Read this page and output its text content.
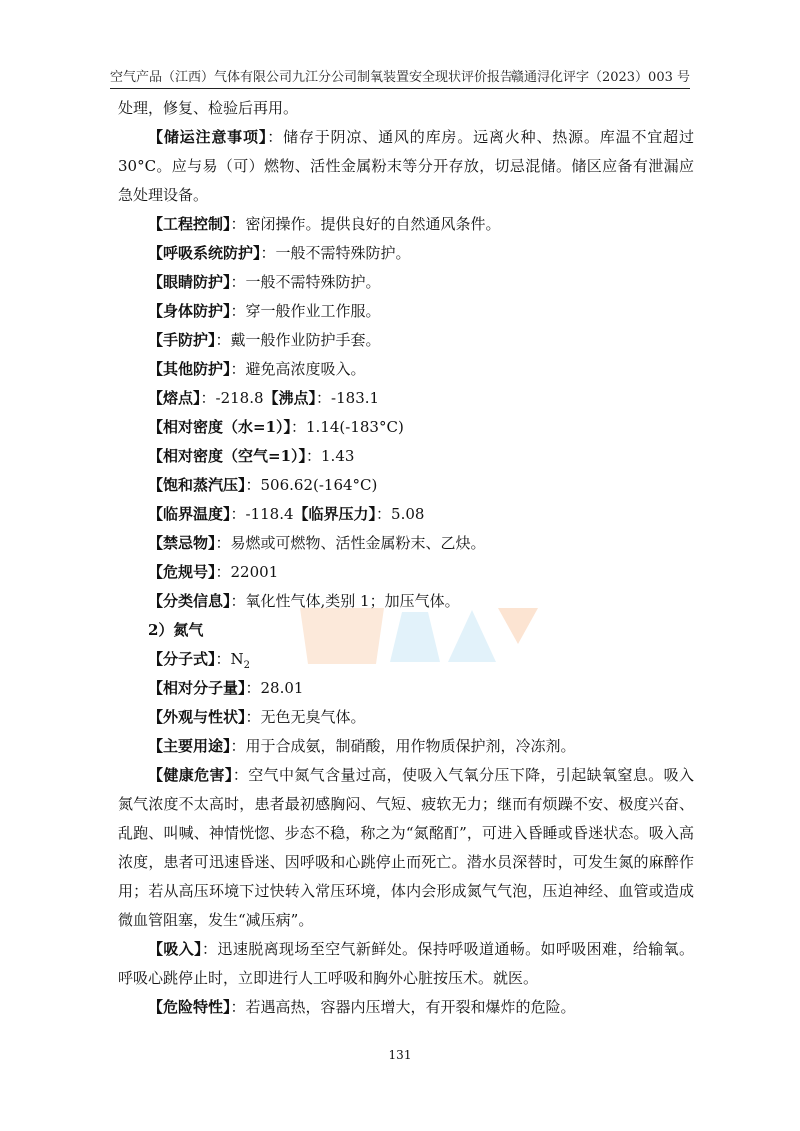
空气产品（江西）气体有限公司九江分公司制氧装置安全现状评价报告
赣通浔化评字（2023）003 号

处理，修复、检验后再用。

【储运注意事项】：储存于阴凉、通风的库房。远离火种、热源。库温不宜超过30°C。应与易（可）燃物、活性金属粉末等分开存放，切忌混储。储区应备有泄漏应急处理设备。

【工程控制】：密闭操作。提供良好的自然通风条件。

【呼吸系统防护】：一般不需特殊防护。

【眼睛防护】：一般不需特殊防护。

【身体防护】：穿一般作业工作服。

【手防护】：戴一般作业防护手套。

【其他防护】：避免高浓度吸入。

【熔点】：-218.8【沸点】：-183.1

【相对密度（水=1）】：1.14(-183°C)

【相对密度（空气=1）】：1.43

【饱和蒸汽压】：506.62(-164°C)

【临界温度】：-118.4【临界压力】：5.08

【禁忌物】：易燃或可燃物、活性金属粉末、乙炔。

【危规号】：22001

【分类信息】：氧化性气体,类别 1；加压气体。

2）氮气

【分子式】：$N_2$

【相对分子量】：28.01

【外观与性状】：无色无臭气体。

【主要用途】：用于合成氨，制硝酸，用作物质保护剂，冷冻剂。

【健康危害】：空气中氮气含量过高，使吸入气氧分压下降，引起缺氧窒息。吸入氮气浓度不太高时，患者最初感胸闷、气短、疲软无力；继而有烦躁不安、极度兴奋、乱跑、叫喊、神情恍惚、步态不稳，称之为“氮酩酊”，可进入昏睡或昏迷状态。吸入高浓度，患者可迅速昏迷、因呼吸和心跳停止而死亡。潜水员深替时，可发生氮的麻醉作用；若从高压环境下过快转入常压环境，体内会形成氮气气泡，压迫神经、血管或造成微血管阻塞，发生“减压病”。

【吸入】：迅速脱离现场至空气新鲜处。保持呼吸道通畅。如呼吸困难，给输氧。呼吸心跳停止时，立即进行人工呼吸和胸外心脏按压术。就医。

【危险特性】：若遇高热，容器内压增大，有开裂和爆炸的危险。

131
